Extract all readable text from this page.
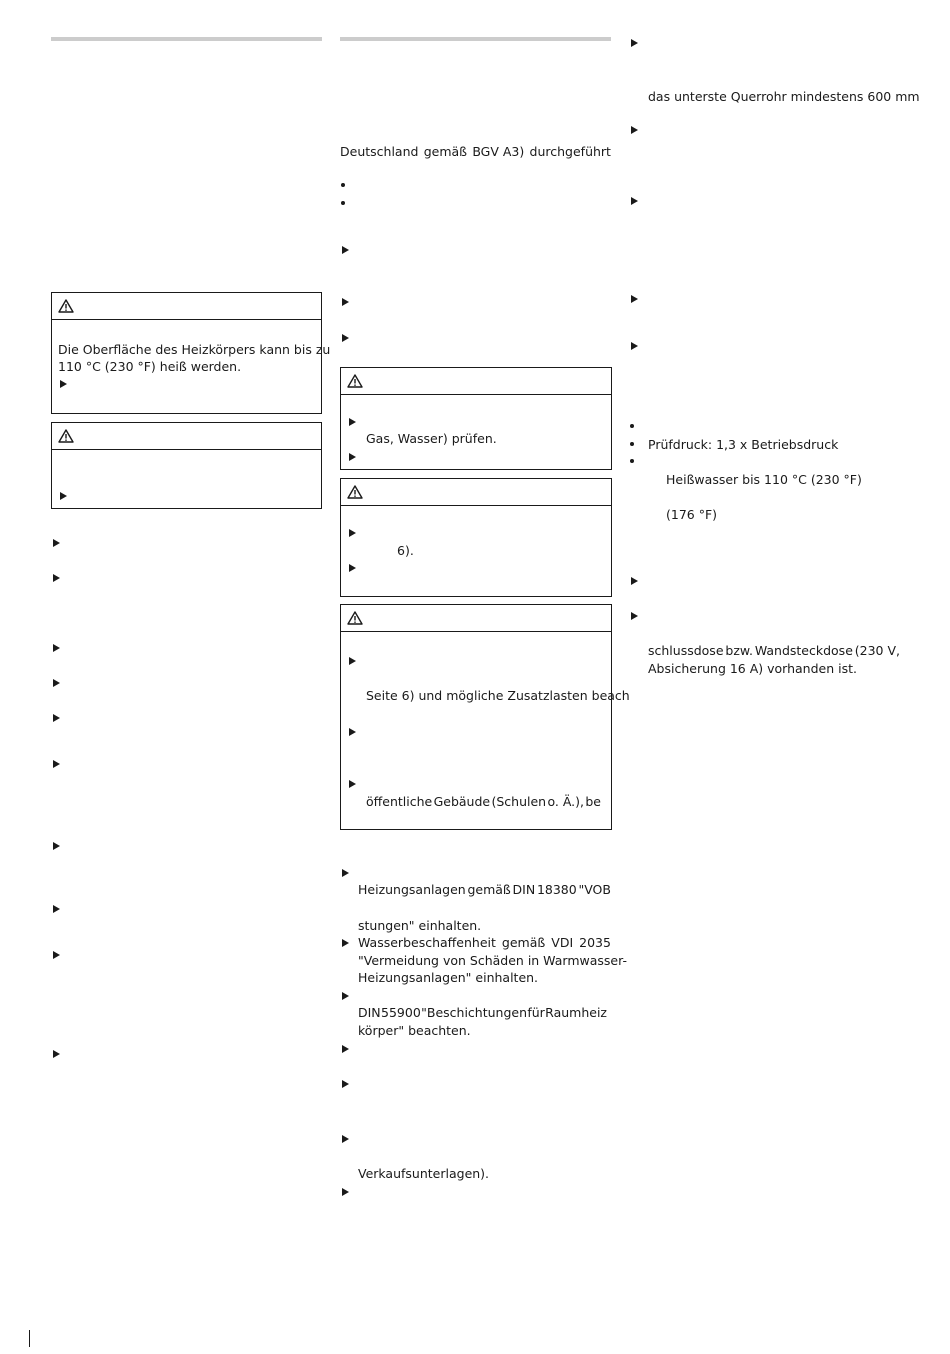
Die Oberfläche des Heizkörpers kann bis zu
110 °C (230 °F) heiß werden.
Deutschland gemäß BGV A3) durchgeführt
Gas, Wasser) prüfen.
6).
Seite 6) und mögliche Zusatzlasten beach
öffentliche Gebäude (Schulen o. Ä.), be
Heizungsanlagen gemäß DIN 18380 "VOB
stungen" einhalten.
Wasserbeschaffenheit gemäß VDI 2035
"Vermeidung von Schäden in Warmwasser-
Heizungsanlagen" einhalten.
DIN 55900 "Beschichtungen für Raumheiz
körper" beachten.
Verkaufsunterlagen).
das unterste Querrohr mindestens 600 mm
Prüfdruck: 1,3 x Betriebsdruck
Heißwasser bis 110 °C (230 °F)
(176 °F)
schlussdose bzw. Wandsteckdose (230 V,
Absicherung 16 A) vorhanden ist.
